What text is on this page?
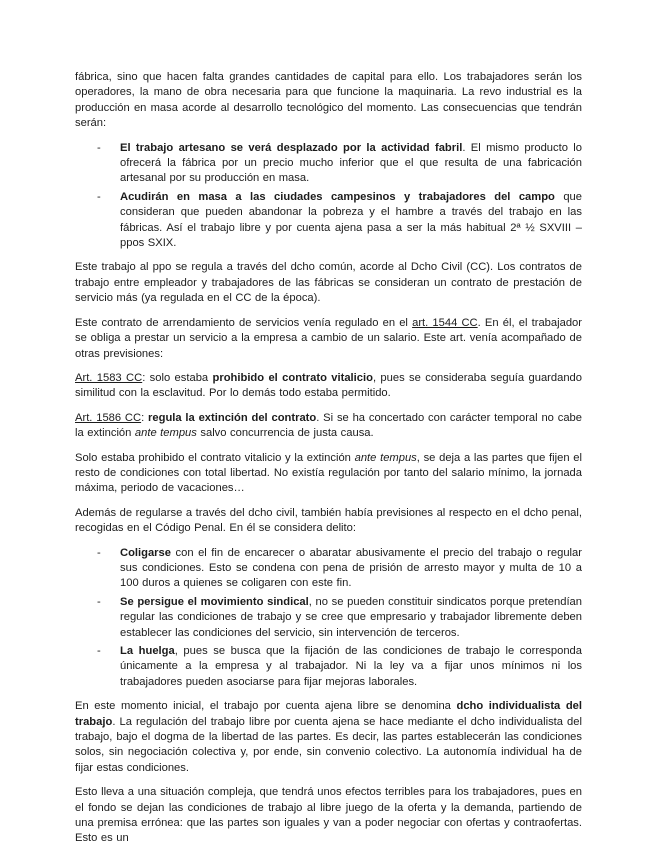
fábrica, sino que hacen falta grandes cantidades de capital para ello. Los trabajadores serán los operadores, la mano de obra necesaria para que funcione la maquinaria. La revo industrial es la producción en masa acorde al desarrollo tecnológico del momento. Las consecuencias que tendrán serán:

-	El trabajo artesano se verá desplazado por la actividad fabril. El mismo producto lo ofrecerá la fábrica por un precio mucho inferior que el que resulta de una fabricación artesanal por su producción en masa.
-	Acudirán en masa a las ciudades campesinos y trabajadores del campo que consideran que pueden abandonar la pobreza y el hambre a través del trabajo en las fábricas. Así el trabajo libre y por cuenta ajena pasa a ser la más habitual 2ª ½ SXVIII – ppos SXIX.

Este trabajo al ppo se regula a través del dcho común, acorde al Dcho Civil (CC). Los contratos de trabajo entre empleador y trabajadores de las fábricas se consideran un contrato de prestación de servicio más (ya regulada en el CC de la época).

Este contrato de arrendamiento de servicios venía regulado en el art. 1544 CC. En él, el trabajador se obliga a prestar un servicio a la empresa a cambio de un salario. Este art. venía acompañado de otras previsiones:

Art. 1583 CC: solo estaba prohibido el contrato vitalicio, pues se consideraba seguía guardando similitud con la esclavitud. Por lo demás todo estaba permitido.

Art. 1586 CC: regula la extinción del contrato. Si se ha concertado con carácter temporal no cabe la extinción ante tempus salvo concurrencia de justa causa.

Solo estaba prohibido el contrato vitalicio y la extinción ante tempus, se deja a las partes que fijen el resto de condiciones con total libertad. No existía regulación por tanto del salario mínimo, la jornada máxima, periodo de vacaciones…

Además de regularse a través del dcho civil, también había previsiones al respecto en el dcho penal, recogidas en el Código Penal. En él se considera delito:

-	Coligarse con el fin de encarecer o abaratar abusivamente el precio del trabajo o regular sus condiciones. Esto se condena con pena de prisión de arresto mayor y multa de 10 a 100 duros a quienes se coligaren con este fin.
-	Se persigue el movimiento sindical, no se pueden constituir sindicatos porque pretendían regular las condiciones de trabajo y se cree que empresario y trabajador libremente deben establecer las condiciones del servicio, sin intervención de terceros.
-	La huelga, pues se busca que la fijación de las condiciones de trabajo le corresponda únicamente a la empresa y al trabajador. Ni la ley va a fijar unos mínimos ni los trabajadores pueden asociarse para fijar mejoras laborales.

En este momento inicial, el trabajo por cuenta ajena libre se denomina dcho individualista del trabajo. La regulación del trabajo libre por cuenta ajena se hace mediante el dcho individualista del trabajo, bajo el dogma de la libertad de las partes. Es decir, las partes establecerán las condiciones solos, sin negociación colectiva y, por ende, sin convenio colectivo. La autonomía individual ha de fijar estas condiciones.

Esto lleva a una situación compleja, que tendrá unos efectos terribles para los trabajadores, pues en el fondo se dejan las condiciones de trabajo al libre juego de la oferta y la demanda, partiendo de una premisa errónea: que las partes son iguales y van a poder negociar con ofertas y contraofertas. Esto es un
